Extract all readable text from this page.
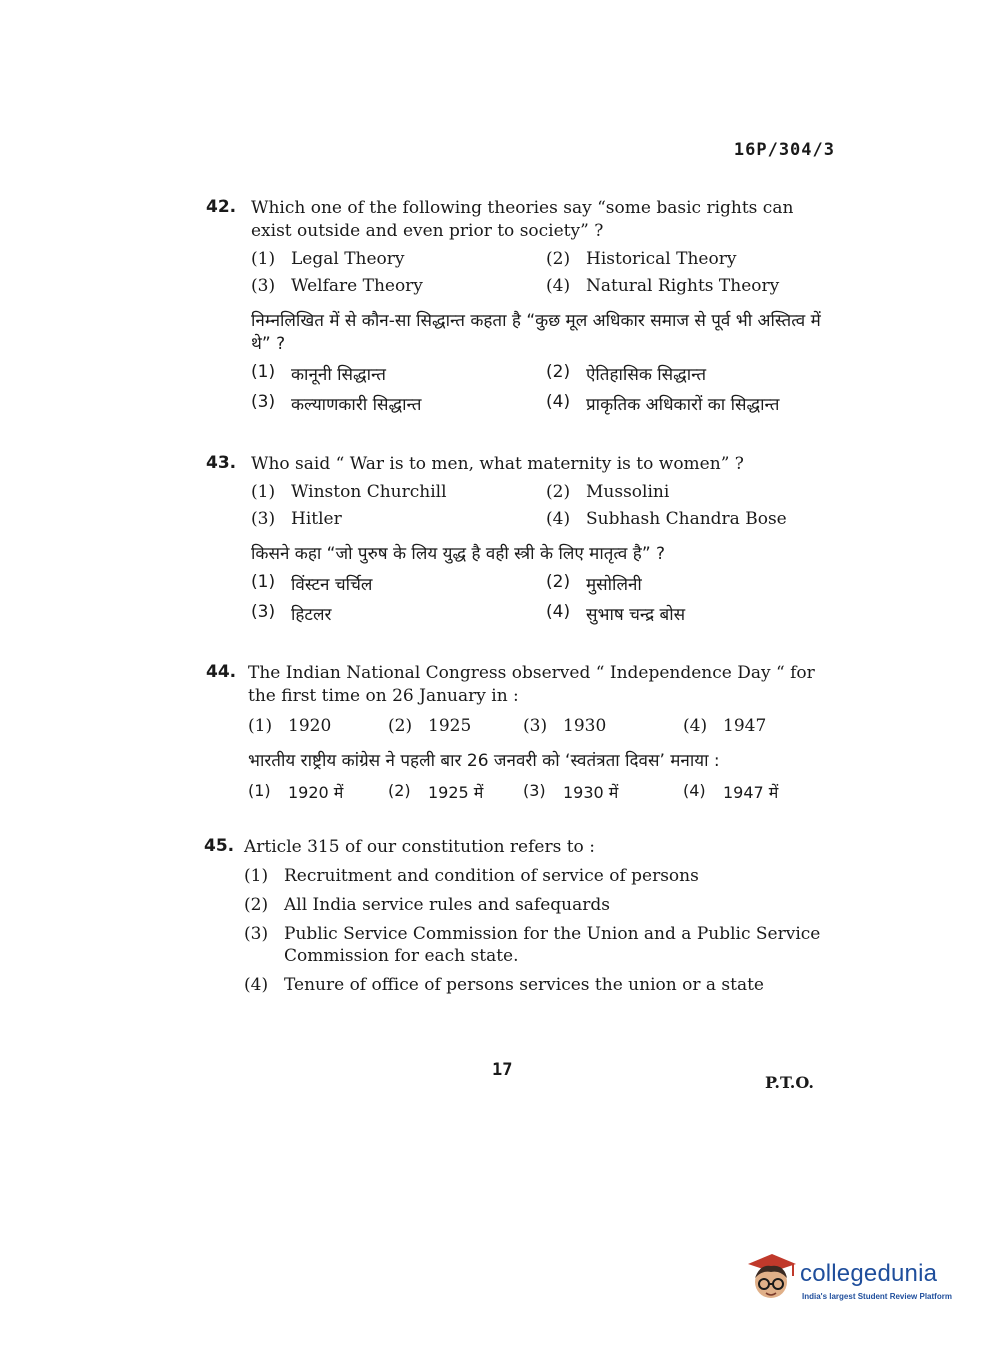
16P/304/3
42. Which one of the following theories say “some basic rights can exist outside and even prior to society” ?
(1) Legal Theory	(2) Historical Theory
(3) Welfare Theory	(4) Natural Rights Theory
निम्नलिखित में से कौन-सा सिद्धान्त कहता है “कुछ मूल अधिकार समाज से पूर्व भी अस्तित्व में थे” ?
(1) कानूनी सिद्धान्त	(2) ऐतिहासिक सिद्धान्त
(3) कल्याणकारी सिद्धान्त	(4) प्राकृतिक अधिकारों का सिद्धान्त
43. Who said “ War is to men, what maternity is to women” ?
(1) Winston Churchill	(2) Mussolini
(3) Hitler	(4) Subhash Chandra Bose
किसने कहा “जो पुरुष के लिय युद्ध है वही स्त्री के लिए मातृत्व है” ?
(1) विंस्टन चर्चिल	(2) मुसोलिनी
(3) हिटलर	(4) सुभाष चन्द्र बोस
44. The Indian National Congress observed “ Independence Day “ for the first time on 26 January in :
(1) 1920	(2) 1925	(3) 1930	(4) 1947
भारतीय राष्ट्रीय कांग्रेस ने पहली बार 26 जनवरी को ‘स्वतंत्रता दिवस’ मनाया :
(1)	1920 में	(2)	1925 में (3)	1930 में	(4)	1947 में
45. Article 315 of our constitution refers to :
(1) Recruitment and condition of service of persons
(2) All India service rules and safequards
(3) Public Service Commission for the Union and a Public Service Commission for each state.
(4) Tenure of office of persons services the union or a state
17
P.T.O.
collegedunia
India's largest Student Review Platform
